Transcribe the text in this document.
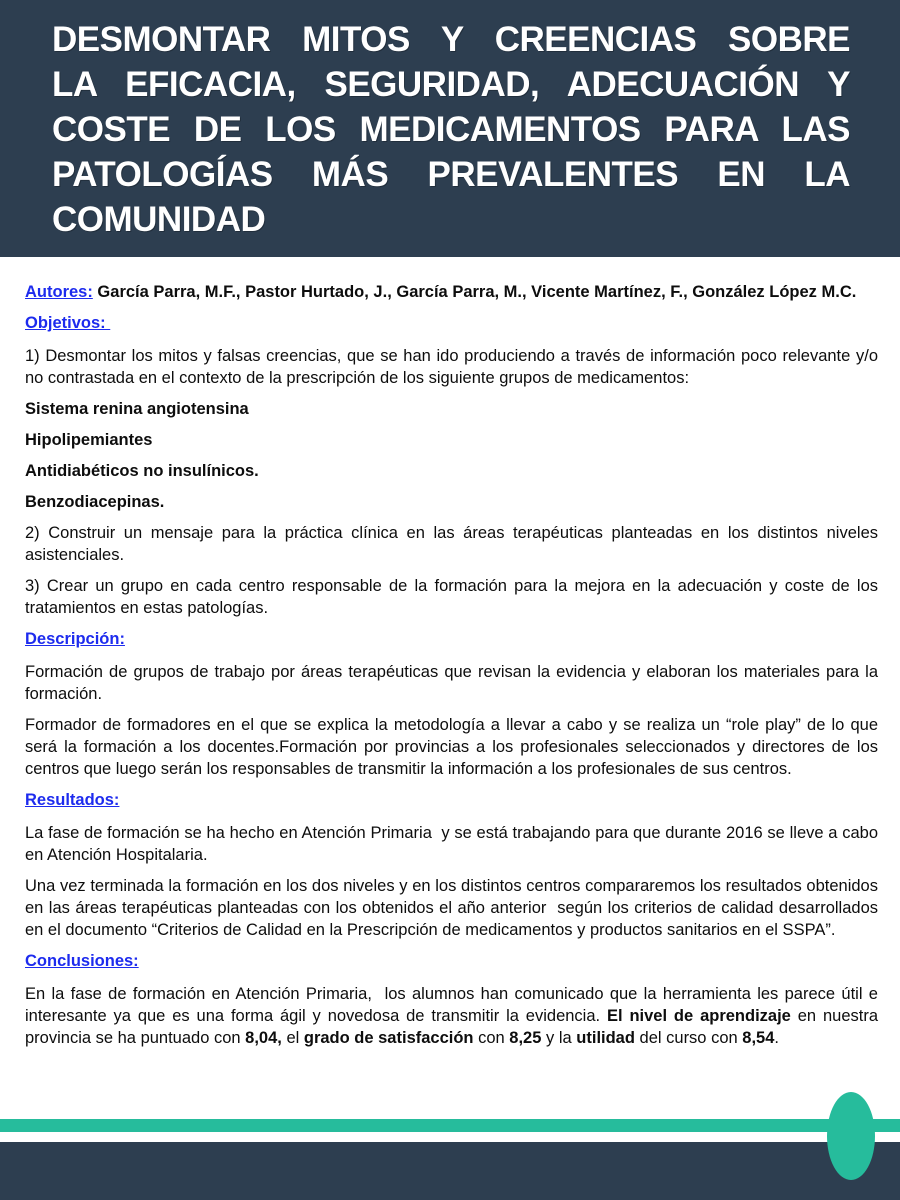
DESMONTAR MITOS Y CREENCIAS SOBRE
LA EFICACIA, SEGURIDAD, ADECUACIÓN Y
COSTE DE LOS MEDICAMENTOS PARA LAS
PATOLOGÍAS MÁS PREVALENTES EN LA
COMUNIDAD

Autores: García Parra, M.F., Pastor Hurtado, J., García Parra, M., Vicente Martínez, F., González López M.C.

Objetivos:

1) Desmontar los mitos y falsas creencias, que se han ido produciendo a través de información poco relevante y/o no contrastada en el contexto de la prescripción de los siguiente grupos de medicamentos:

Sistema renina angiotensina

Hipolipemiantes

Antidiabéticos no insulínicos.

Benzodiacepinas.

2) Construir un mensaje para la práctica clínica en las áreas terapéuticas planteadas en los distintos niveles asistenciales.

3) Crear un grupo en cada centro responsable de la formación para la mejora en la adecuación y coste de los tratamientos en estas patologías.

Descripción:

Formación de grupos de trabajo por áreas terapéuticas que revisan la evidencia y elaboran los materiales para la formación.

Formador de formadores en el que se explica la metodología a llevar a cabo y se realiza un “role play” de lo que será la formación a los docentes.Formación por provincias a los profesionales seleccionados y directores de los centros que luego serán los responsables de transmitir la información a los profesionales de sus centros.

Resultados:

La fase de formación se ha hecho en Atención Primaria  y se está trabajando para que durante 2016 se lleve a cabo en Atención Hospitalaria.

Una vez terminada la formación en los dos niveles y en los distintos centros compararemos los resultados obtenidos en las áreas terapéuticas planteadas con los obtenidos el año anterior  según los criterios de calidad desarrollados en el documento “Criterios de Calidad en la Prescripción de medicamentos y productos sanitarios en el SSPA”.

Conclusiones:

En la fase de formación en Atención Primaria,  los alumnos han comunicado que la herramienta les parece útil e interesante ya que es una forma ágil y novedosa de transmitir la evidencia. El nivel de aprendizaje en nuestra provincia se ha puntuado con 8,04, el grado de satisfacción con 8,25 y la utilidad del curso con 8,54.
